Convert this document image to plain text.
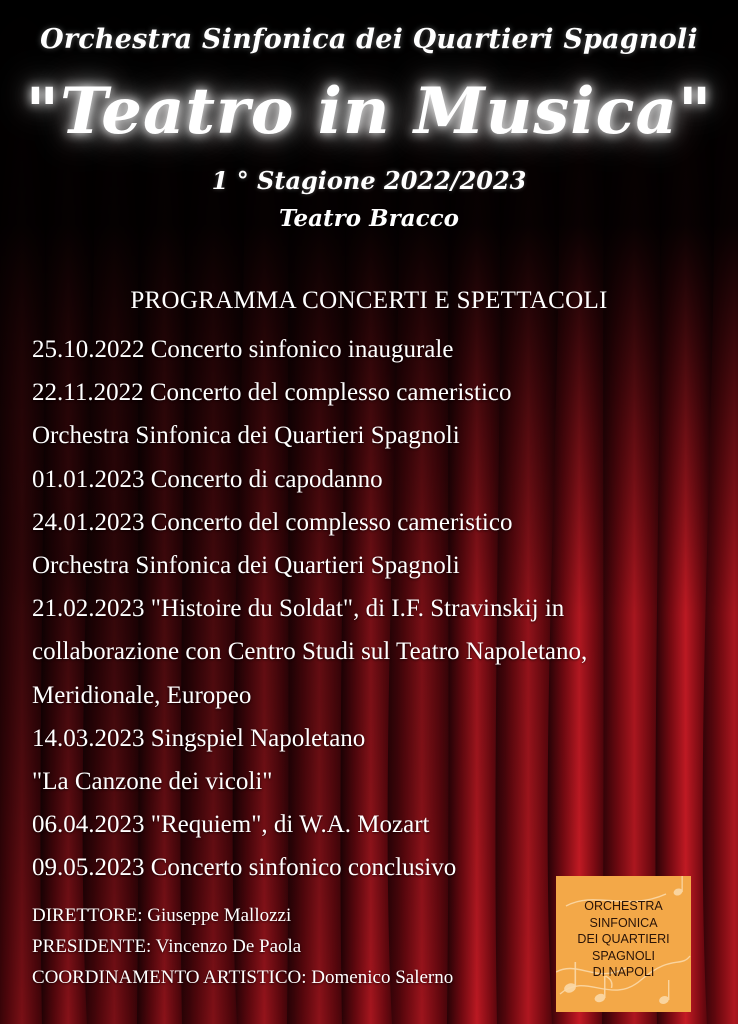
Orchestra Sinfonica dei Quartieri Spagnoli
"Teatro in Musica"
1 ° Stagione 2022/2023
Teatro Bracco
PROGRAMMA CONCERTI E SPETTACOLI
25.10.2022 Concerto sinfonico inaugurale
22.11.2022 Concerto del complesso cameristico
Orchestra Sinfonica dei Quartieri Spagnoli
01.01.2023 Concerto di capodanno
24.01.2023 Concerto del complesso cameristico
Orchestra Sinfonica dei Quartieri Spagnoli
21.02.2023 "Histoire du Soldat", di I.F. Stravinskij in
collaborazione con Centro Studi sul Teatro Napoletano,
Meridionale, Europeo
14.03.2023 Singspiel Napoletano
"La Canzone dei vicoli"
06.04.2023 "Requiem", di W.A. Mozart
09.05.2023 Concerto sinfonico conclusivo
DIRETTORE: Giuseppe Mallozzi
PRESIDENTE: Vincenzo De Paola
COORDINAMENTO ARTISTICO: Domenico Salerno
ORCHESTRA
SINFONICA
DEI QUARTIERI
SPAGNOLI
DI NAPOLI
